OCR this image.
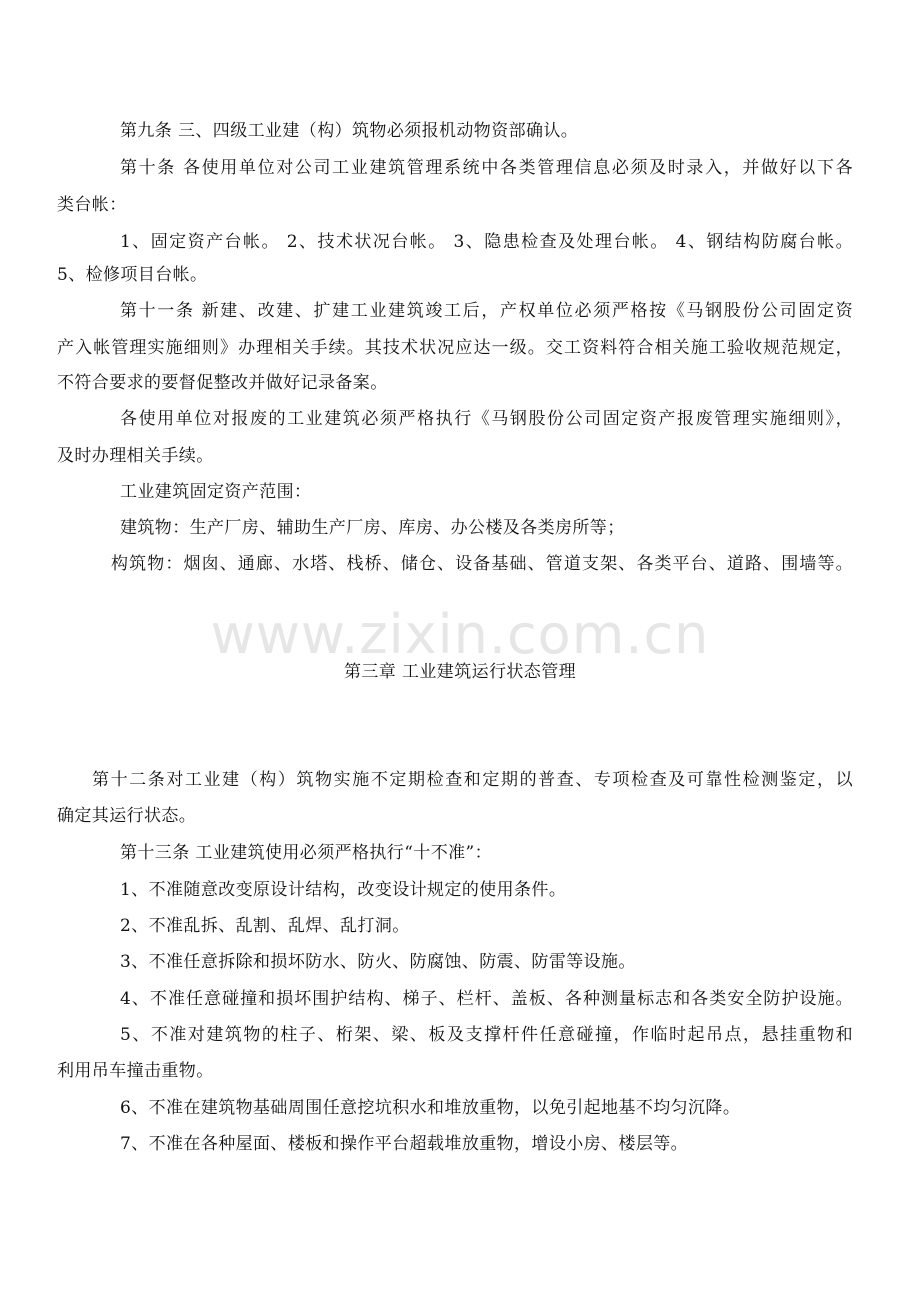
www.zixin.com.cn
第九条 三、四级工业建（构）筑物必须报机动物资部确认。
第十条 各使用单位对公司工业建筑管理系统中各类管理信息必须及时录入，并做好以下各
类台帐：
1、固定资产台帐。 2、技术状况台帐。 3、隐患检查及处理台帐。 4、钢结构防腐台帐。
5、检修项目台帐。
第十一条 新建、改建、扩建工业建筑竣工后，产权单位必须严格按《马钢股份公司固定资
产入帐管理实施细则》办理相关手续。其技术状况应达一级。交工资料符合相关施工验收规范规定，
不符合要求的要督促整改并做好记录备案。
各使用单位对报废的工业建筑必须严格执行《马钢股份公司固定资产报废管理实施细则》，
及时办理相关手续。
工业建筑固定资产范围：
建筑物：生产厂房、辅助生产厂房、库房、办公楼及各类房所等；
构筑物：烟囱、通廊、水塔、栈桥、储仓、设备基础、管道支架、各类平台、道路、围墙等。
第三章 工业建筑运行状态管理
第十二条对工业建（构）筑物实施不定期检查和定期的普查、专项检查及可靠性检测鉴定，以
确定其运行状态。
第十三条 工业建筑使用必须严格执行“十不准”：
1、不准随意改变原设计结构，改变设计规定的使用条件。
2、不准乱拆、乱割、乱焊、乱打洞。
3、不准任意拆除和损坏防水、防火、防腐蚀、防震、防雷等设施。
4、不准任意碰撞和损坏围护结构、梯子、栏杆、盖板、各种测量标志和各类安全防护设施。
5、不准对建筑物的柱子、桁架、梁、板及支撑杆件任意碰撞，作临时起吊点，悬挂重物和
利用吊车撞击重物。
6、不准在建筑物基础周围任意挖坑积水和堆放重物，以免引起地基不均匀沉降。
7、不准在各种屋面、楼板和操作平台超载堆放重物，增设小房、楼层等。
